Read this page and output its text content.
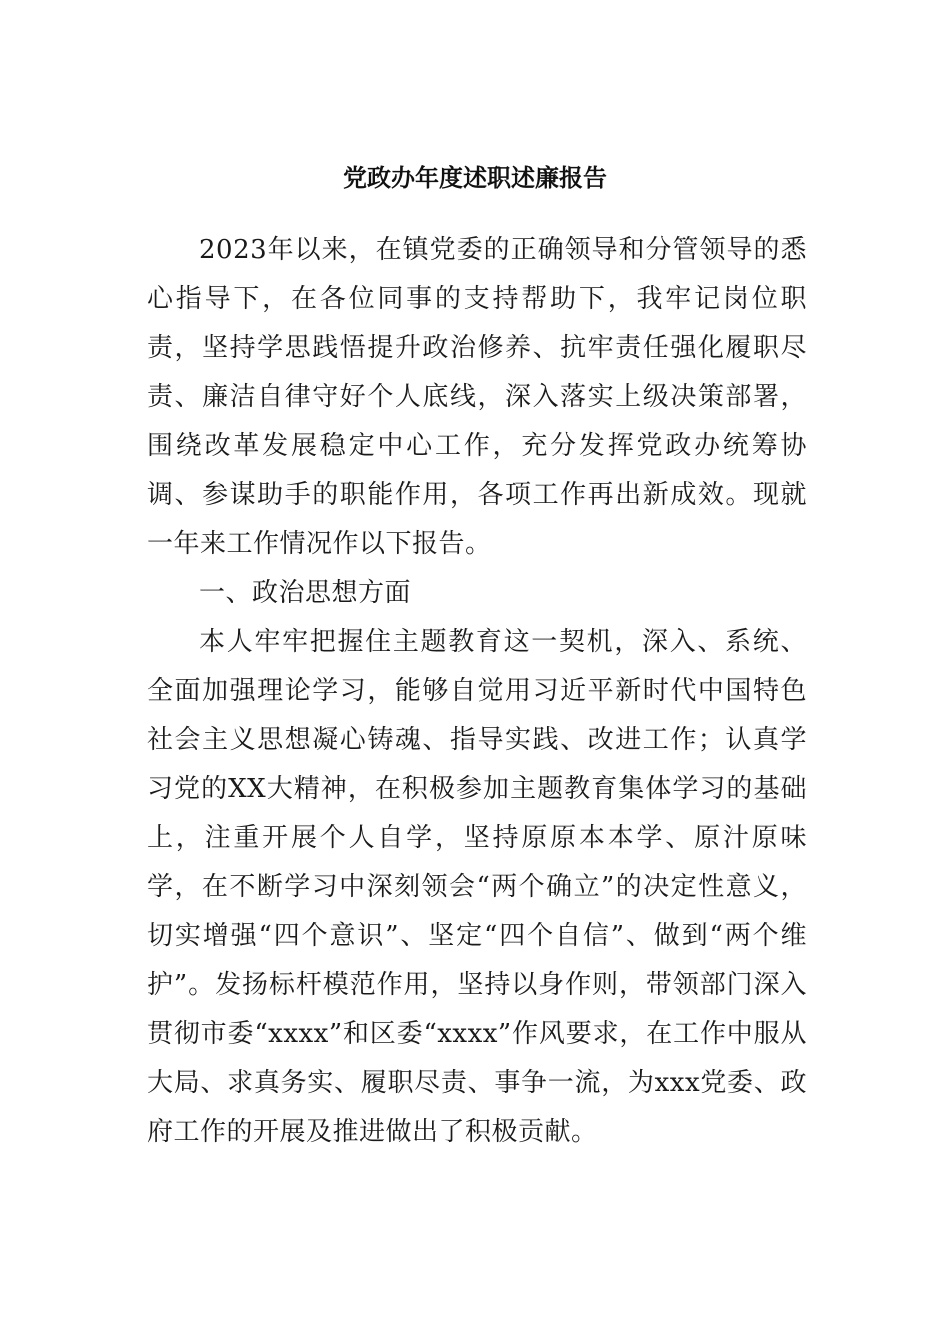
党政办年度述职述廉报告

2023年以来，在镇党委的正确领导和分管领导的悉心指导下，在各位同事的支持帮助下，我牢记岗位职责，坚持学思践悟提升政治修养、抗牢责任强化履职尽责、廉洁自律守好个人底线，深入落实上级决策部署，围绕改革发展稳定中心工作，充分发挥党政办统筹协调、参谋助手的职能作用，各项工作再出新成效。现就一年来工作情况作以下报告。

一、政治思想方面

本人牢牢把握住主题教育这一契机，深入、系统、全面加强理论学习，能够自觉用习近平新时代中国特色社会主义思想凝心铸魂、指导实践、改进工作；认真学习党的XX大精神，在积极参加主题教育集体学习的基础上，注重开展个人自学，坚持原原本本学、原汁原味学，在不断学习中深刻领会“两个确立”的决定性意义，切实增强“四个意识”、坚定“四个自信”、做到“两个维护”。发扬标杆模范作用，坚持以身作则，带领部门深入贯彻市委“xxxx”和区委“xxxx”作风要求，在工作中服从大局、求真务实、履职尽责、事争一流，为xxx党委、政府工作的开展及推进做出了积极贡献。
